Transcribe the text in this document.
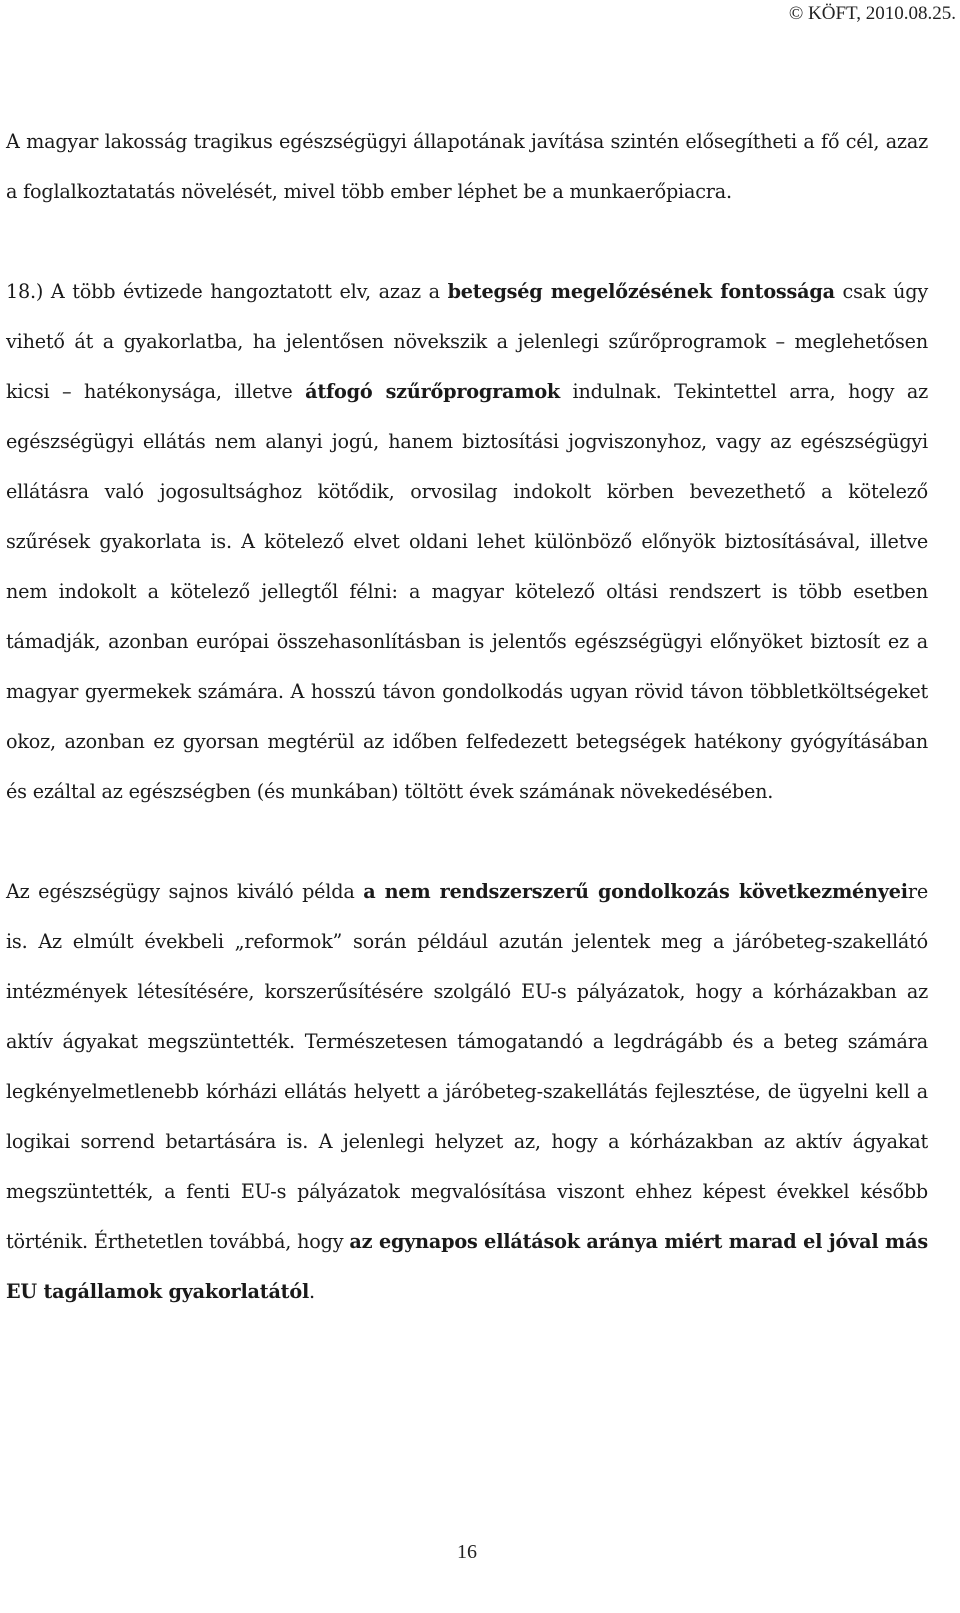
© KÖFT, 2010.08.25.

A magyar lakosság tragikus egészségügyi állapotának javítása szintén elősegítheti a fő cél, azaz a foglalkoztatatás növelését, mivel több ember léphet be a munkaerőpiacra.

18.) A több évtizede hangoztatott elv, azaz a betegség megelőzésének fontossága csak úgy vihető át a gyakorlatba, ha jelentősen növekszik a jelenlegi szűrőprogramok – meglehetősen kicsi – hatékonysága, illetve átfogó szűrőprogramok indulnak. Tekintettel arra, hogy az egészségügyi ellátás nem alanyi jogú, hanem biztosítási jogviszonyhoz, vagy az egészségügyi ellátásra való jogosultsághoz kötődik, orvosilag indokolt körben bevezethető a kötelező szűrések gyakorlata is. A kötelező elvet oldani lehet különböző előnyök biztosításával, illetve nem indokolt a kötelező jellegtől félni: a magyar kötelező oltási rendszert is több esetben támadják, azonban európai összehasonlításban is jelentős egészségügyi előnyöket biztosít ez a magyar gyermekek számára. A hosszú távon gondolkodás ugyan rövid távon többletköltségeket okoz, azonban ez gyorsan megtérül az időben felfedezett betegségek hatékony gyógyításában és ezáltal az egészségben (és munkában) töltött évek számának növekedésében.

Az egészségügy sajnos kiváló példa a nem rendszerszerű gondolkozás következményeire is. Az elmúlt évekbeli „reformok” során például azután jelentek meg a járóbeteg-szakellátó intézmények létesítésére, korszerűsítésére szolgáló EU-s pályázatok, hogy a kórházakban az aktív ágyakat megszüntették. Természetesen támogatandó a legdrágább és a beteg számára legkényelmetlenebb kórházi ellátás helyett a járóbeteg-szakellátás fejlesztése, de ügyelni kell a logikai sorrend betartására is. A jelenlegi helyzet az, hogy a kórházakban az aktív ágyakat megszüntették, a fenti EU-s pályázatok megvalósítása viszont ehhez képest évekkel később történik. Érthetetlen továbbá, hogy az egynapos ellátások aránya miért marad el jóval más EU tagállamok gyakorlatától.

16
